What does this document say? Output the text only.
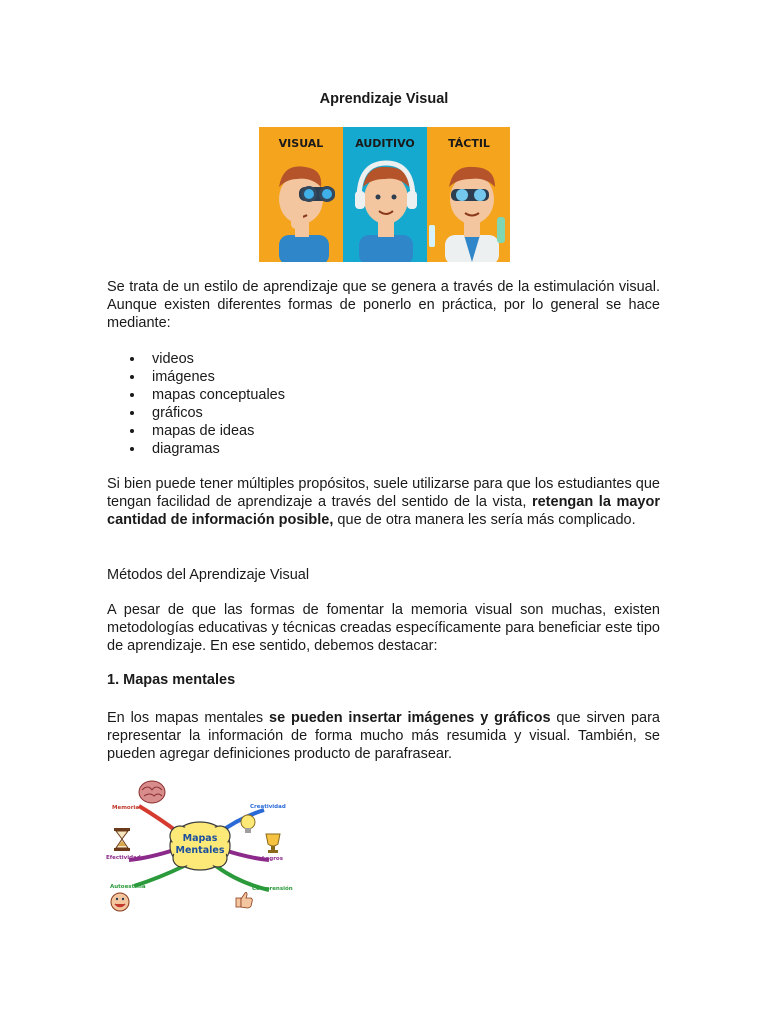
Aprendizaje Visual
VISUAL	AUDITIVO	TÁCTIL

Se trata de un estilo de aprendizaje que se genera a través de la estimulación visual. Aunque existen diferentes formas de ponerlo en práctica, por lo general se hace mediante:

videos
imágenes
mapas conceptuales
gráficos
mapas de ideas
diagramas

Si bien puede tener múltiples propósitos, suele utilizarse para que los estudiantes que tengan facilidad de aprendizaje a través del sentido de la vista, retengan la mayor cantidad de información posible, que de otra manera les sería más complicado.

Métodos del Aprendizaje Visual

A pesar de que las formas de fomentar la memoria visual son muchas, existen metodologías educativas y técnicas creadas específicamente para beneficiar este tipo de aprendizaje. En ese sentido, debemos destacar:

1. Mapas mentales

En los mapas mentales se pueden insertar imágenes y gráficos que sirven para representar la información de forma mucho más resumida y visual. También, se pueden agregar definiciones producto de parafrasear.

Mapas
Mentales
Memoria
Efectividad
Autoestima
Creatividad
Logros
Comprensión
